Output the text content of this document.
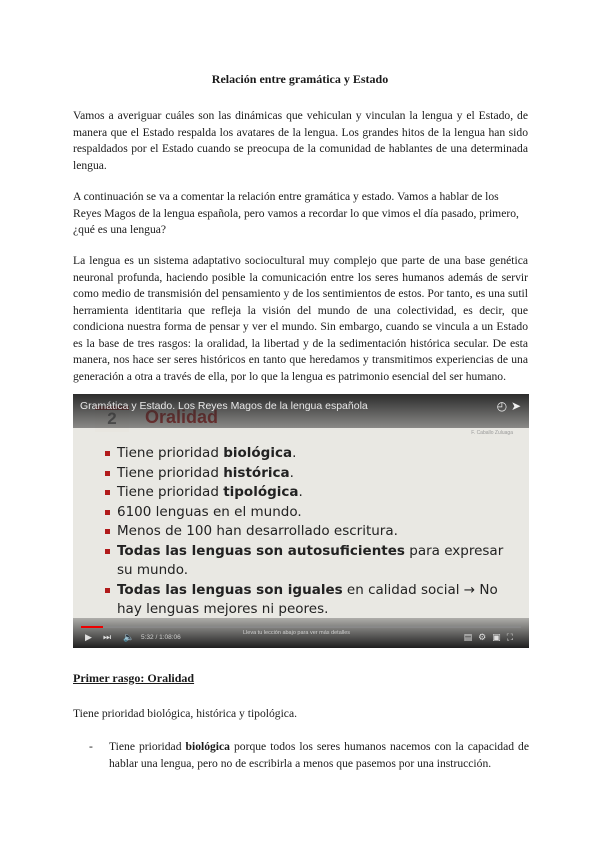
Relación entre gramática y Estado
Vamos a averiguar cuáles son las dinámicas que vehiculan y vinculan la lengua y el Estado, de manera que el Estado respalda los avatares de la lengua. Los grandes hitos de la lengua han sido respaldados por el Estado cuando se preocupa de la comunidad de hablantes de una determinada lengua.
A continuación se va a comentar la relación entre gramática y estado. Vamos a hablar de los Reyes Magos de la lengua española, pero vamos a recordar lo que vimos el día pasado, primero, ¿qué es una lengua?
La lengua es un sistema adaptativo sociocultural muy complejo que parte de una base genética neuronal profunda, haciendo posible la comunicación entre los seres humanos además de servir como medio de transmisión del pensamiento y de los sentimientos de estos. Por tanto, es una sutil herramienta identitaria que refleja la visión del mundo de una colectividad, es decir, que condiciona nuestra forma de pensar y ver el mundo. Sin embargo, cuando se vincula a un Estado es la base de tres rasgos: la oralidad, la libertad y de la sedimentación histórica secular. De esta manera, nos hace ser seres históricos en tanto que heredamos y transmitimos experiencias de una generación a otra a través de ella, por lo que la lengua es patrimonio esencial del ser humano.
F. Caballo Zuluaga
Tiene prioridad biológica.
Tiene prioridad histórica.
Tiene prioridad tipológica.
6100 lenguas en el mundo.
Menos de 100 han desarrollado escritura.
Todas las lenguas son autosuficientes para expresar su mundo.
Todas las lenguas son iguales en calidad social → No hay lenguas mejores ni peores.
Gramática y Estado. Los Reyes Magos de la lengua española	◴ ➤
▶ ⏭ 🔈 5:32 / 1:08:06
Lleva tu lección abajo para ver más detalles	▤⚙▣⛶
Primer rasgo: Oralidad
Tiene prioridad biológica, histórica y tipológica.
- Tiene prioridad biológica porque todos los seres humanos nacemos con la capacidad de hablar una lengua, pero no de escribirla a menos que pasemos por una instrucción.
